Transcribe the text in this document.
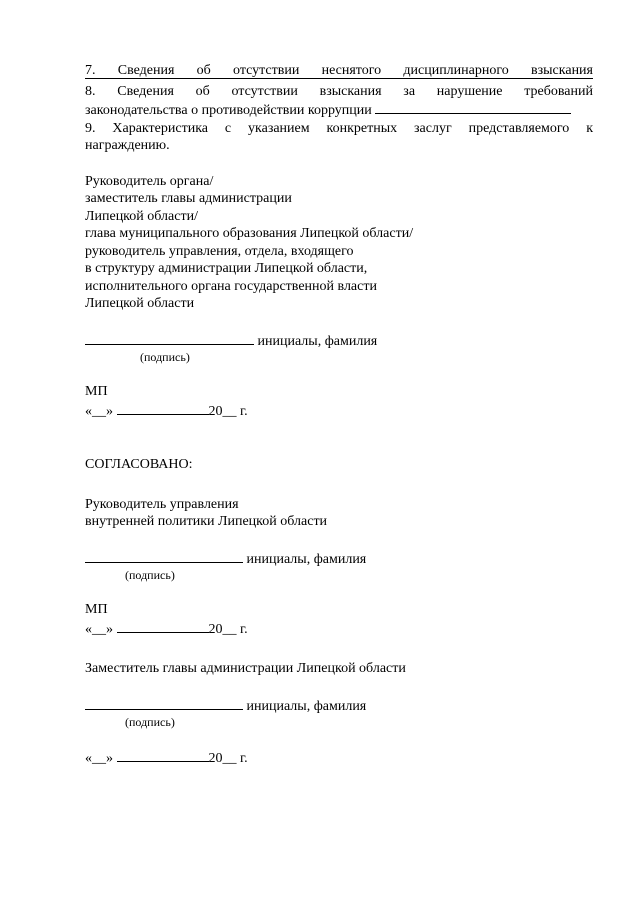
7. Сведения об отсутствии неснятого дисциплинарного взыскания
8. Сведения об отсутствии взыскания за нарушение требований
законодательства о противодействии коррупции
9. Характеристика с указанием конкретных заслуг представляемого к
награждению.
Руководитель органа/
заместитель главы администрации
Липецкой области/
глава муниципального образования Липецкой области/
руководитель управления, отдела, входящего
в структуру администрации Липецкой области,
исполнительного органа государственной власти
Липецкой области
инициалы, фамилия
(подпись)
МП
«__»	20__ г.
СОГЛАСОВАНО:
Руководитель управления
внутренней политики Липецкой области
инициалы, фамилия
(подпись)
МП
«__»	20__ г.
Заместитель главы администрации Липецкой области
инициалы, фамилия
(подпись)
«__»	20__ г.
